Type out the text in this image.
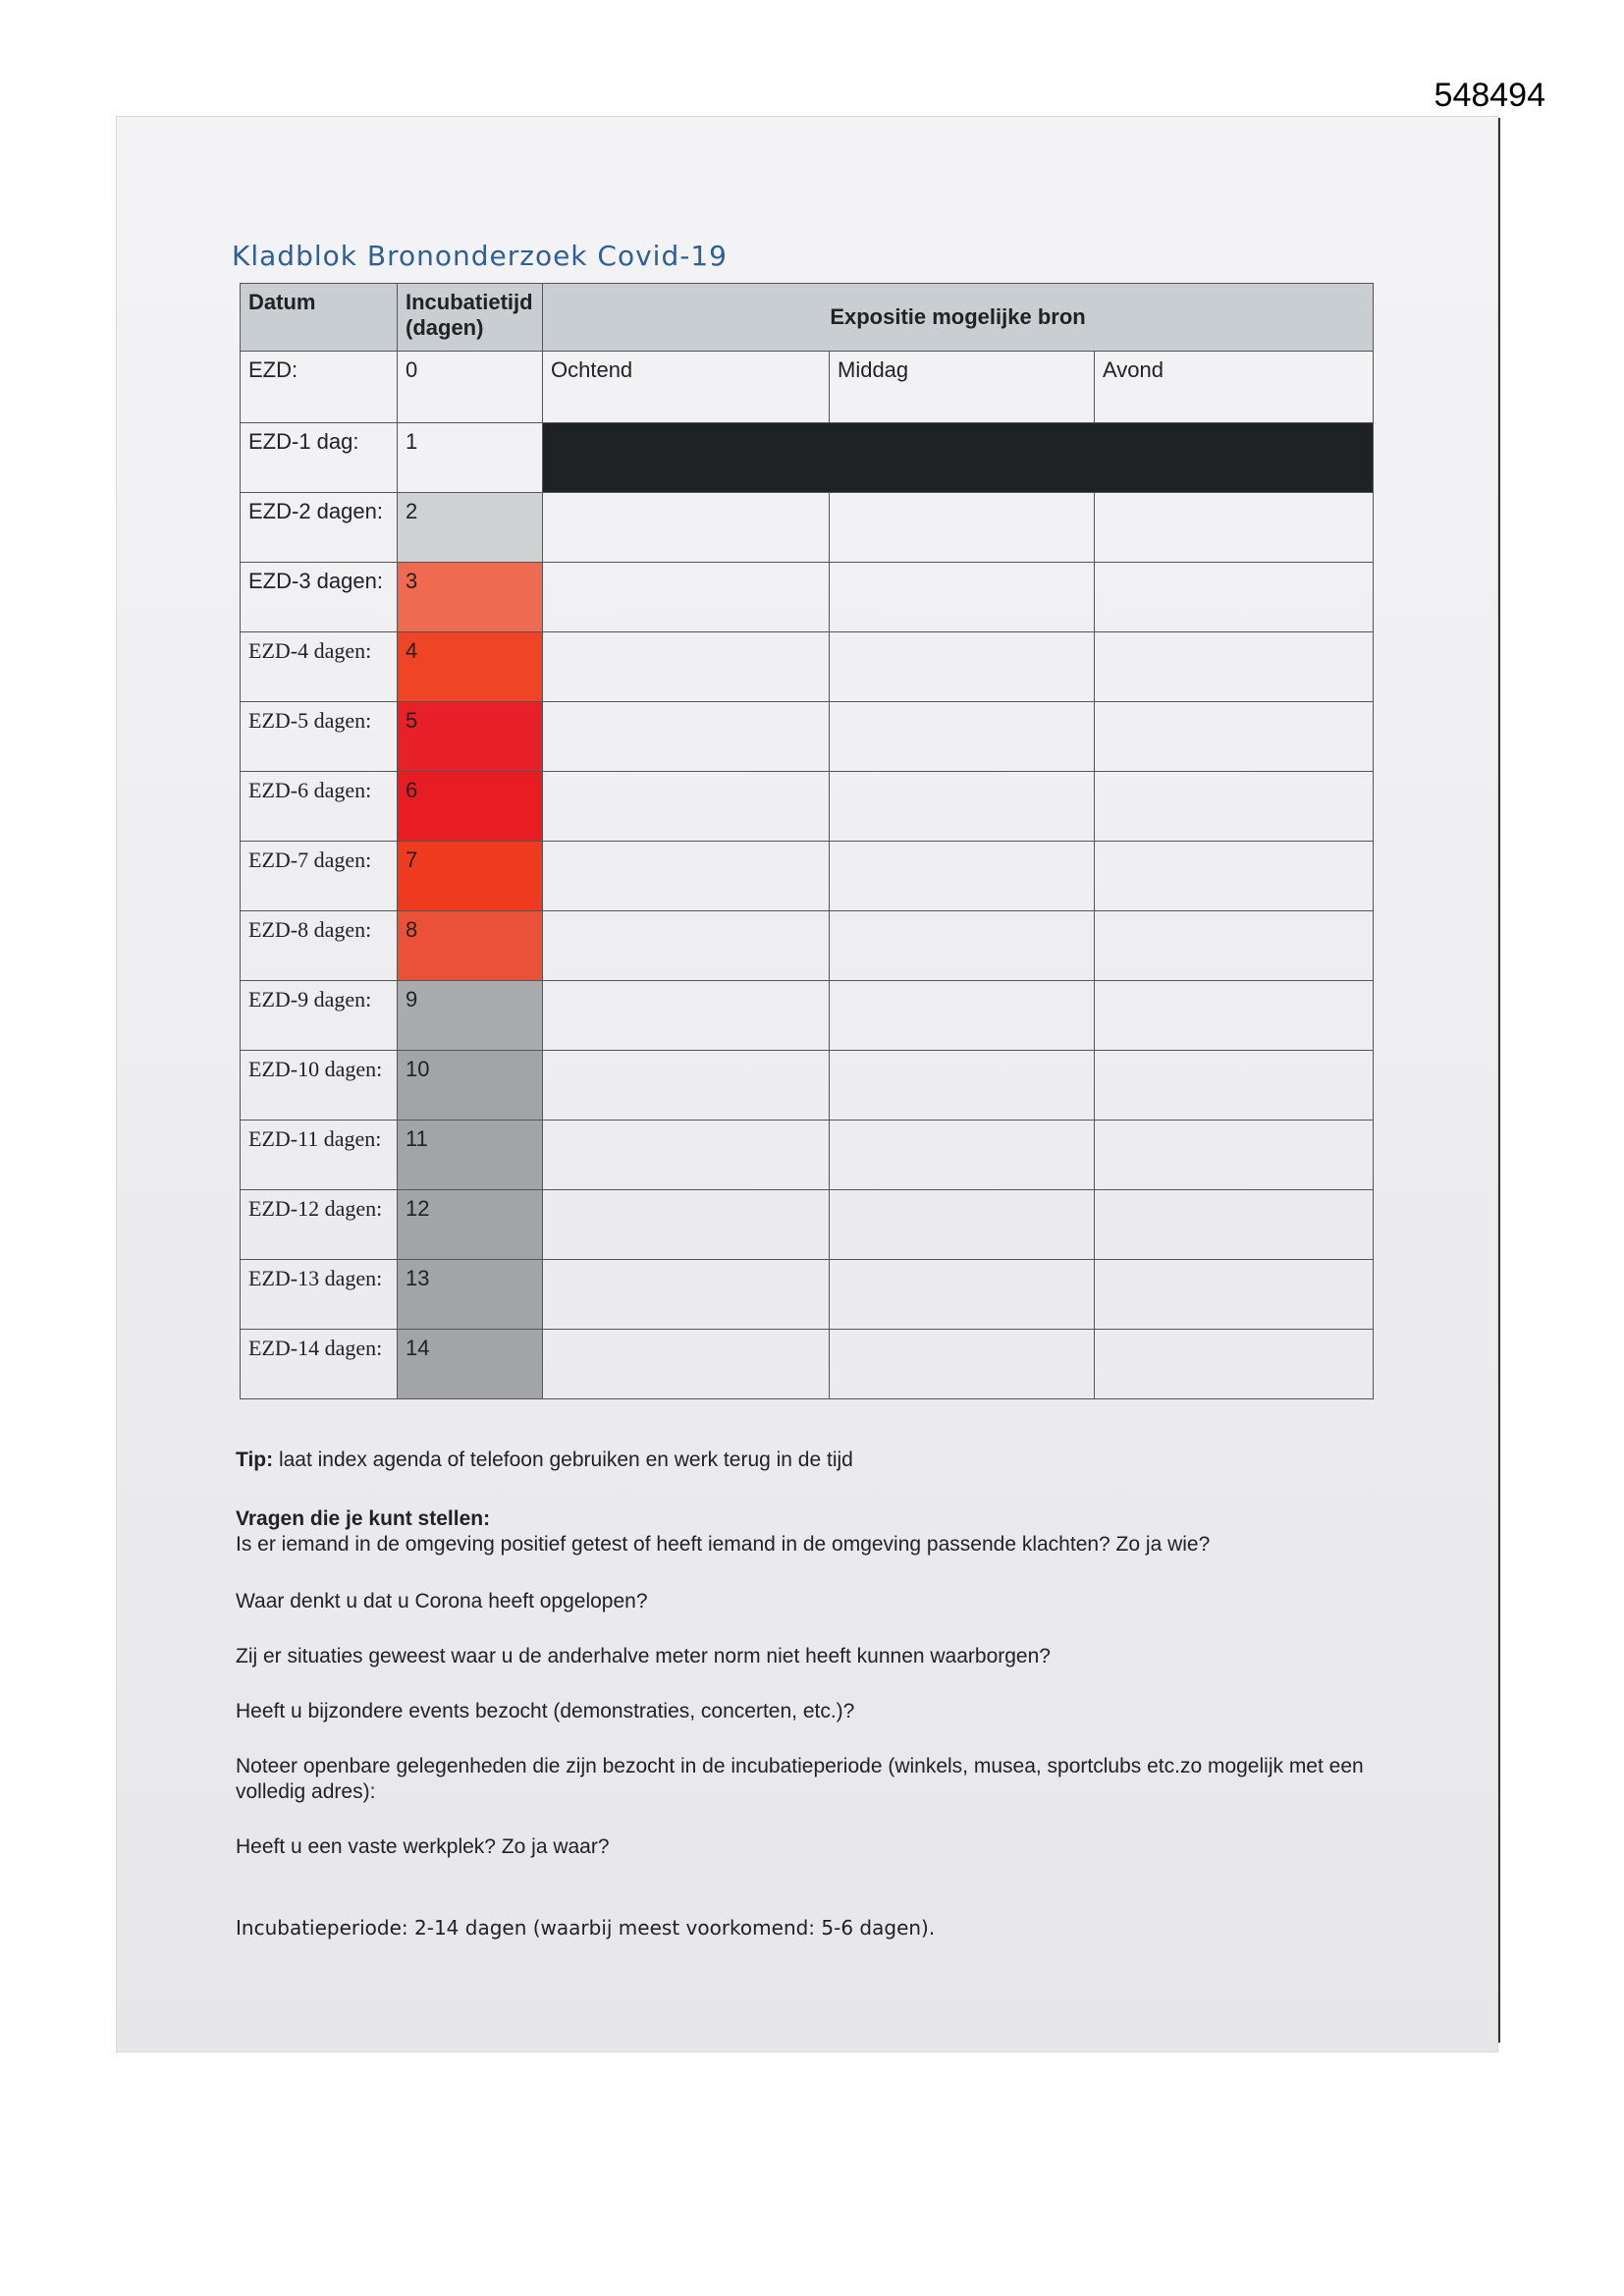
548494
Kladblok Brononderzoek Covid-19
Datum	Incubatietijd (dagen)	Expositie mogelijke bron		
EZD:	0	Ochtend	Middag	Avond
EZD-1 dag:	1			
EZD-2 dagen:	2			
EZD-3 dagen:	3			
EZD-4 dagen:	4			
EZD-5 dagen:	5			
EZD-6 dagen:	6			
EZD-7 dagen:	7			
EZD-8 dagen:	8			
EZD-9 dagen:	9			
EZD-10 dagen:	10			
EZD-11 dagen:	11			
EZD-12 dagen:	12			
EZD-13 dagen:	13			
EZD-14 dagen:	14			
Tip: laat index agenda of telefoon gebruiken en werk terug in de tijd
Vragen die je kunt stellen:
Is er iemand in de omgeving positief getest of heeft iemand in de omgeving passende klachten? Zo ja wie?
Waar denkt u dat u Corona heeft opgelopen?
Zij er situaties geweest waar u de anderhalve meter norm niet heeft kunnen waarborgen?
Heeft u bijzondere events bezocht (demonstraties, concerten, etc.)?
Noteer openbare gelegenheden die zijn bezocht in de incubatieperiode (winkels, musea, sportclubs etc.zo mogelijk met een volledig adres):
Heeft u een vaste werkplek? Zo ja waar?
Incubatieperiode: 2-14 dagen (waarbij meest voorkomend: 5-6 dagen).
